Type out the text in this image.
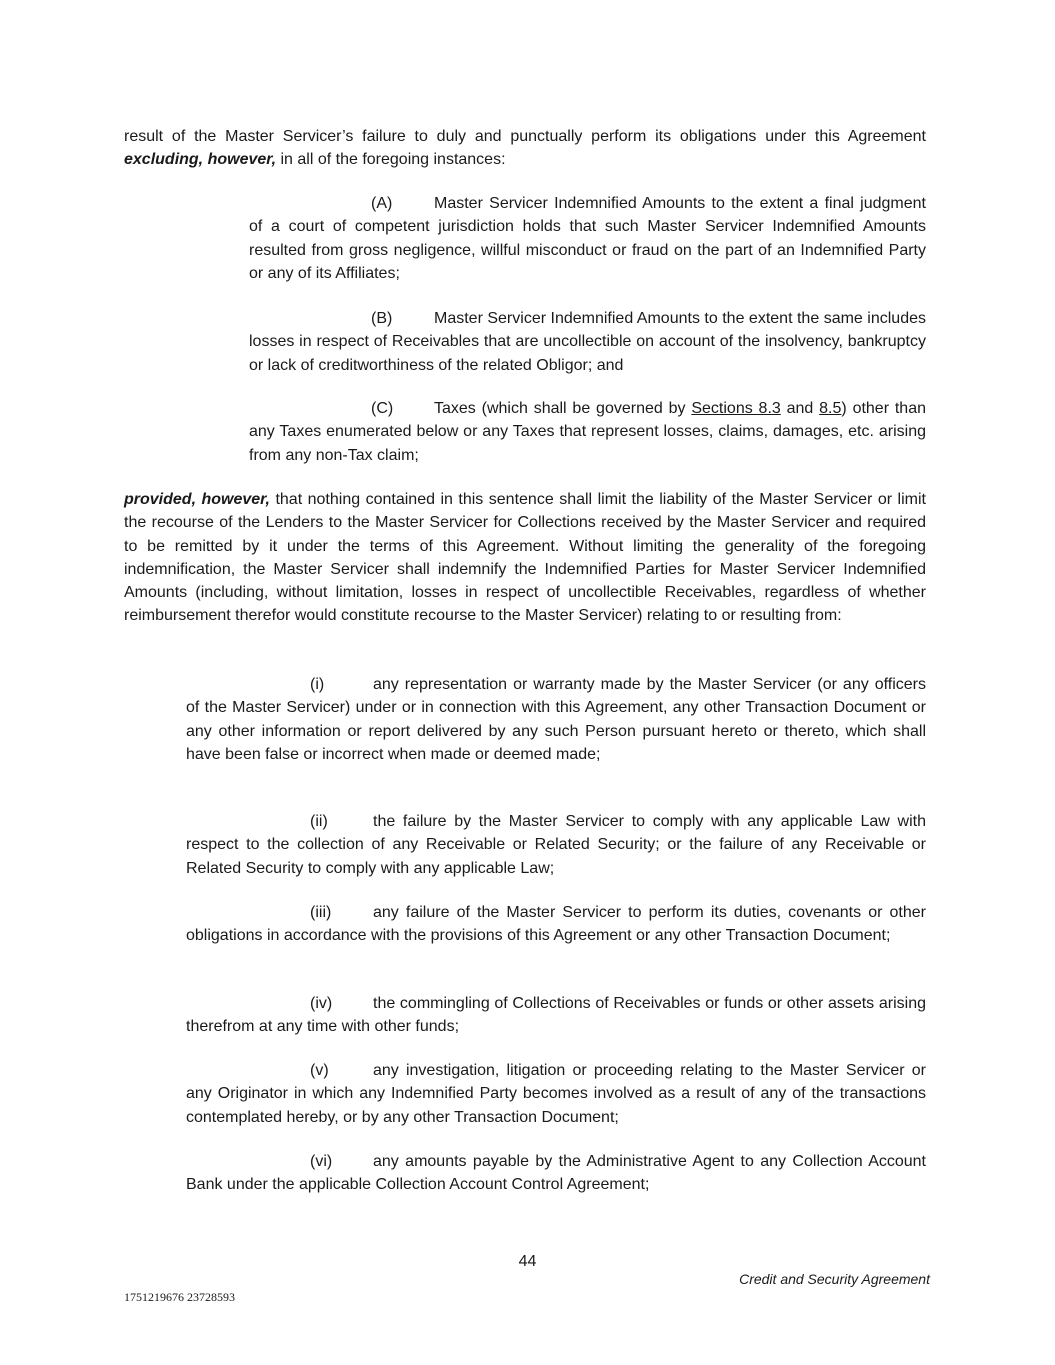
result of the Master Servicer’s failure to duly and punctually perform its obligations under this Agreement excluding, however, in all of the foregoing instances:

(A)	Master Servicer Indemnified Amounts to the extent a final judgment of a court of competent jurisdiction holds that such Master Servicer Indemnified Amounts resulted from gross negligence, willful misconduct or fraud on the part of an Indemnified Party or any of its Affiliates;

(B)	Master Servicer Indemnified Amounts to the extent the same includes losses in respect of Receivables that are uncollectible on account of the insolvency, bankruptcy or lack of creditworthiness of the related Obligor; and

(C)	Taxes (which shall be governed by Sections 8.3 and 8.5) other than any Taxes enumerated below or any Taxes that represent losses, claims, damages, etc. arising from any non-Tax claim;

provided, however, that nothing contained in this sentence shall limit the liability of the Master Servicer or limit the recourse of the Lenders to the Master Servicer for Collections received by the Master Servicer and required to be remitted by it under the terms of this Agreement. Without limiting the generality of the foregoing indemnification, the Master Servicer shall indemnify the Indemnified Parties for Master Servicer Indemnified Amounts (including, without limitation, losses in respect of uncollectible Receivables, regardless of whether reimbursement therefor would constitute recourse to the Master Servicer) relating to or resulting from:

(i)	any representation or warranty made by the Master Servicer (or any officers of the Master Servicer) under or in connection with this Agreement, any other Transaction Document or any other information or report delivered by any such Person pursuant hereto or thereto, which shall have been false or incorrect when made or deemed made;

(ii)	the failure by the Master Servicer to comply with any applicable Law with respect to the collection of any Receivable or Related Security; or the failure of any Receivable or Related Security to comply with any applicable Law;

(iii)	any failure of the Master Servicer to perform its duties, covenants or other obligations in accordance with the provisions of this Agreement or any other Transaction Document;

(iv)	the commingling of Collections of Receivables or funds or other assets arising therefrom at any time with other funds;

(v)	any investigation, litigation or proceeding relating to the Master Servicer or any Originator in which any Indemnified Party becomes involved as a result of any of the transactions contemplated hereby, or by any other Transaction Document;

(vi)	any amounts payable by the Administrative Agent to any Collection Account Bank under the applicable Collection Account Control Agreement;

44
Credit and Security Agreement
1751219676 23728593
